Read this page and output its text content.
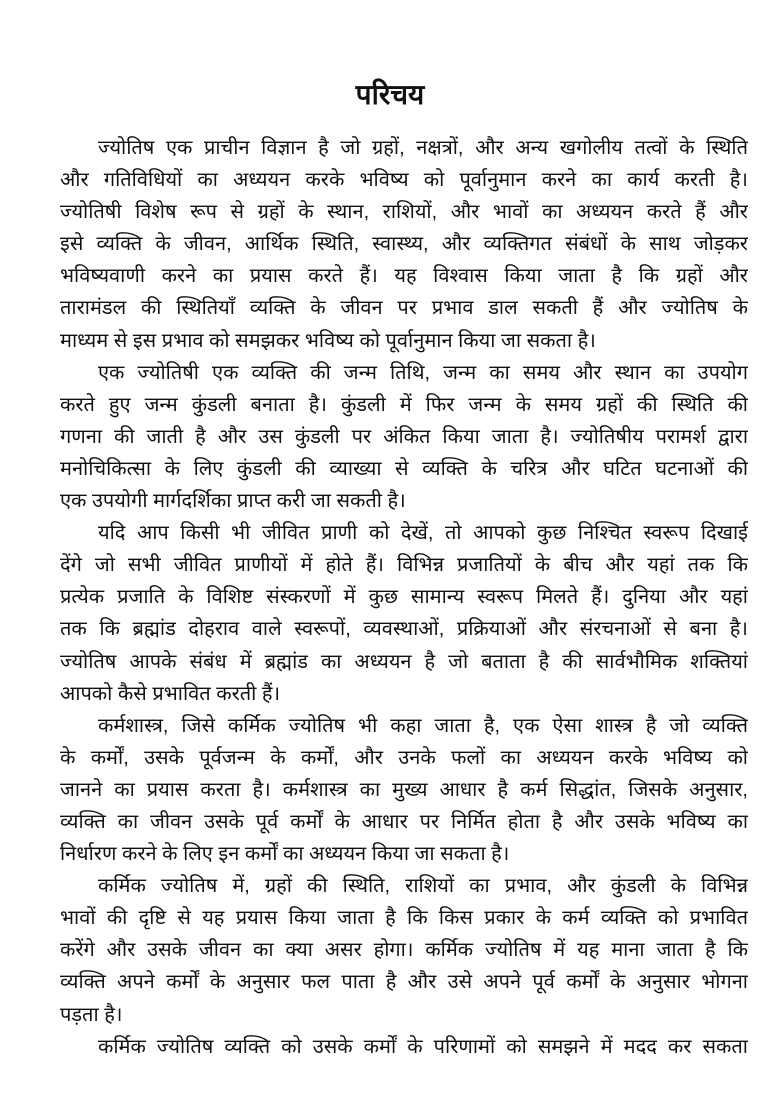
परिचय
ज्योतिष एक प्राचीन विज्ञान है जो ग्रहों, नक्षत्रों, और अन्य खगोलीय तत्वों के स्थिति
और गतिविधियों का अध्ययन करके भविष्य को पूर्वानुमान करने का कार्य करती है।
ज्योतिषी विशेष रूप से ग्रहों के स्थान, राशियों, और भावों का अध्ययन करते हैं और
इसे व्यक्ति के जीवन, आर्थिक स्थिति, स्वास्थ्य, और व्यक्तिगत संबंधों के साथ जोड़कर
भविष्यवाणी करने का प्रयास करते हैं। यह विश्वास किया जाता है कि ग्रहों और
तारामंडल की स्थितियाँ व्यक्ति के जीवन पर प्रभाव डाल सकती हैं और ज्योतिष के
माध्यम से इस प्रभाव को समझकर भविष्य को पूर्वानुमान किया जा सकता है।
एक ज्योतिषी एक व्यक्ति की जन्म तिथि, जन्म का समय और स्थान का उपयोग
करते हुए जन्म कुंडली बनाता है। कुंडली में फिर जन्म के समय ग्रहों की स्थिति की
गणना की जाती है और उस कुंडली पर अंकित किया जाता है। ज्योतिषीय परामर्श द्वारा
मनोचिकित्सा के लिए कुंडली की व्याख्या से व्यक्ति के चरित्र और घटित घटनाओं की
एक उपयोगी मार्गदर्शिका प्राप्त करी जा सकती है।
यदि आप किसी भी जीवित प्राणी को देखें, तो आपको कुछ निश्चित स्वरूप दिखाई
देंगे जो सभी जीवित प्राणीयों में होते हैं। विभिन्न प्रजातियों के बीच और यहां तक कि
प्रत्येक प्रजाति के विशिष्ट संस्करणों में कुछ सामान्य स्वरूप मिलते हैं। दुनिया और यहां
तक कि ब्रह्मांड दोहराव वाले स्वरूपों, व्यवस्थाओं, प्रक्रियाओं और संरचनाओं से बना है।
ज्योतिष आपके संबंध में ब्रह्मांड का अध्ययन है जो बताता है की सार्वभौमिक शक्तियां
आपको कैसे प्रभावित करती हैं।
कर्मशास्त्र, जिसे कर्मिक ज्योतिष भी कहा जाता है, एक ऐसा शास्त्र है जो व्यक्ति
के कर्मों, उसके पूर्वजन्म के कर्मों, और उनके फलों का अध्ययन करके भविष्य को
जानने का प्रयास करता है। कर्मशास्त्र का मुख्य आधार है कर्म सिद्धांत, जिसके अनुसार,
व्यक्ति का जीवन उसके पूर्व कर्मों के आधार पर निर्मित होता है और उसके भविष्य का
निर्धारण करने के लिए इन कर्मों का अध्ययन किया जा सकता है।
कर्मिक ज्योतिष में, ग्रहों की स्थिति, राशियों का प्रभाव, और कुंडली के विभिन्न
भावों की दृष्टि से यह प्रयास किया जाता है कि किस प्रकार के कर्म व्यक्ति को प्रभावित
करेंगे और उसके जीवन का क्या असर होगा। कर्मिक ज्योतिष में यह माना जाता है कि
व्यक्ति अपने कर्मों के अनुसार फल पाता है और उसे अपने पूर्व कर्मों के अनुसार भोगना
पड़ता है।
कर्मिक ज्योतिष व्यक्ति को उसके कर्मों के परिणामों को समझने में मदद कर सकता
